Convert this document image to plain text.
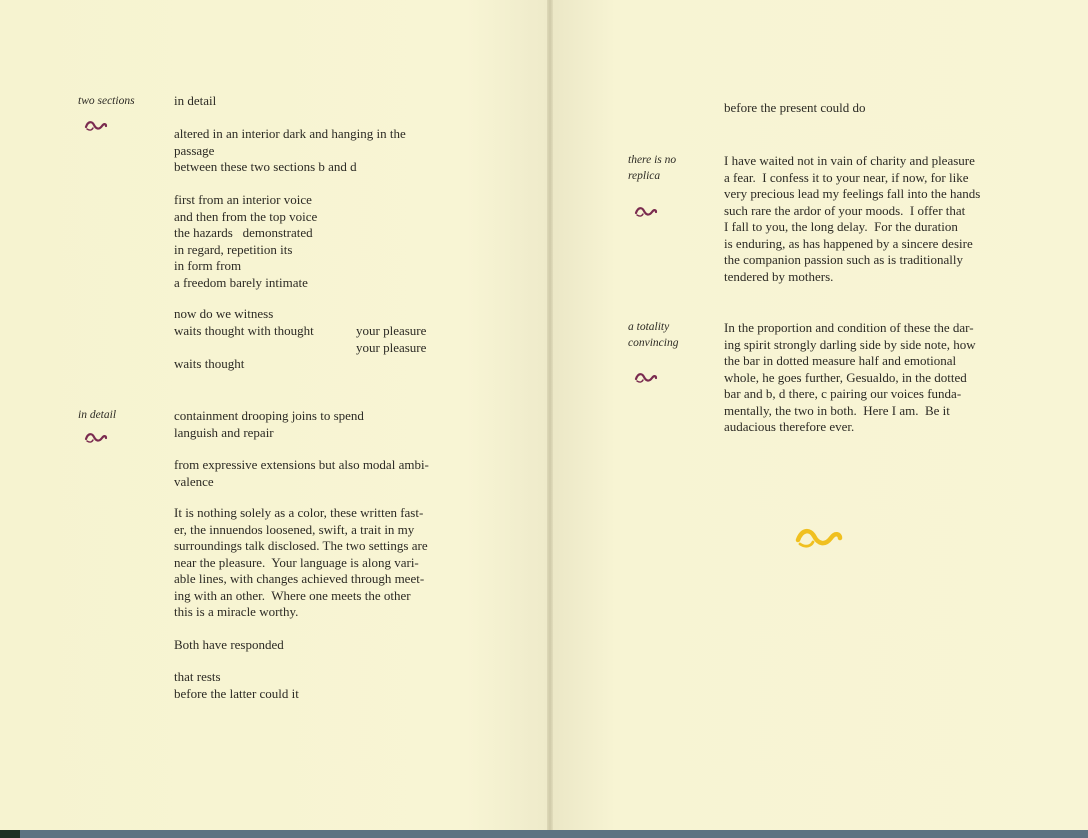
two sections

in detail

in detail

altered in an interior dark and hanging in the
passage
between these two sections b and d

first from an interior voice
and then from the top voice
the hazards   demonstrated
in regard, repetition its
in form from
a freedom barely intimate

now do we witness
waits thought with thought	your pleasure

your pleasure

waits thought

containment drooping joins to spend
languish and repair

from expressive extensions but also modal ambi-
valence

It is nothing solely as a color, these written fast-
er, the innuendos loosened, swift, a trait in my
surroundings talk disclosed. The two settings are
near the pleasure.  Your language is along vari-
able lines, with changes achieved through meet-
ing with an other.  Where one meets the other
this is a miracle worthy.

Both have responded

that rests
before the latter could it

before the present could do

there is no
replica

I have waited not in vain of charity and pleasure
a fear.  I confess it to your near, if now, for like
very precious lead my feelings fall into the hands
such rare the ardor of your moods.  I offer that
I fall to you, the long delay.  For the duration
is enduring, as has happened by a sincere desire
the companion passion such as is traditionally
tendered by mothers.

a totality
convincing

In the proportion and condition of these the dar-
ing spirit strongly darling side by side note, how
the bar in dotted measure half and emotional
whole, he goes further, Gesualdo, in the dotted
bar and b, d there, c pairing our voices funda-
mentally, the two in both.  Here I am.  Be it
audacious therefore ever.
